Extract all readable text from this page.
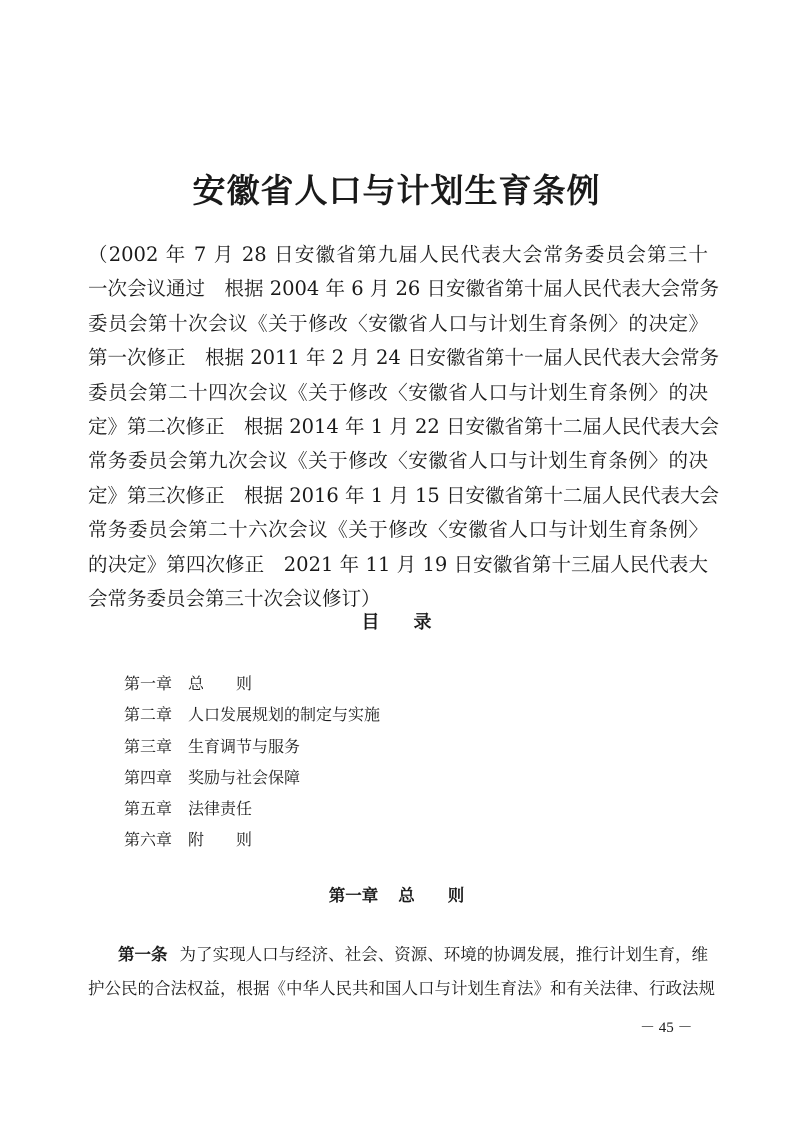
安徽省人口与计划生育条例
（2002 年 7 月 28 日安徽省第九届人民代表大会常务委员会第三十
一次会议通过　根据 2004 年 6 月 26 日安徽省第十届人民代表大会常务
委员会第十次会议《关于修改〈安徽省人口与计划生育条例〉的决定》
第一次修正　根据 2011 年 2 月 24 日安徽省第十一届人民代表大会常务
委员会第二十四次会议《关于修改〈安徽省人口与计划生育条例〉的决
定》第二次修正　根据 2014 年 1 月 22 日安徽省第十二届人民代表大会
常务委员会第九次会议《关于修改〈安徽省人口与计划生育条例〉的决
定》第三次修正　根据 2016 年 1 月 15 日安徽省第十二届人民代表大会
常务委员会第二十六次会议《关于修改〈安徽省人口与计划生育条例〉
的决定》第四次修正　2021 年 11 月 19 日安徽省第十三届人民代表大
会常务委员会第三十次会议修订）
目 录
第一章 总　　则
第二章 人口发展规划的制定与实施
第三章 生育调节与服务
第四章 奖励与社会保障
第五章 法律责任
第六章 附　　则
第一章 总　　则
第一条 为了实现人口与经济、社会、资源、环境的协调发展，推行计划生育，维
护公民的合法权益，根据《中华人民共和国人口与计划生育法》和有关法律、行政法规
－ 45 －
